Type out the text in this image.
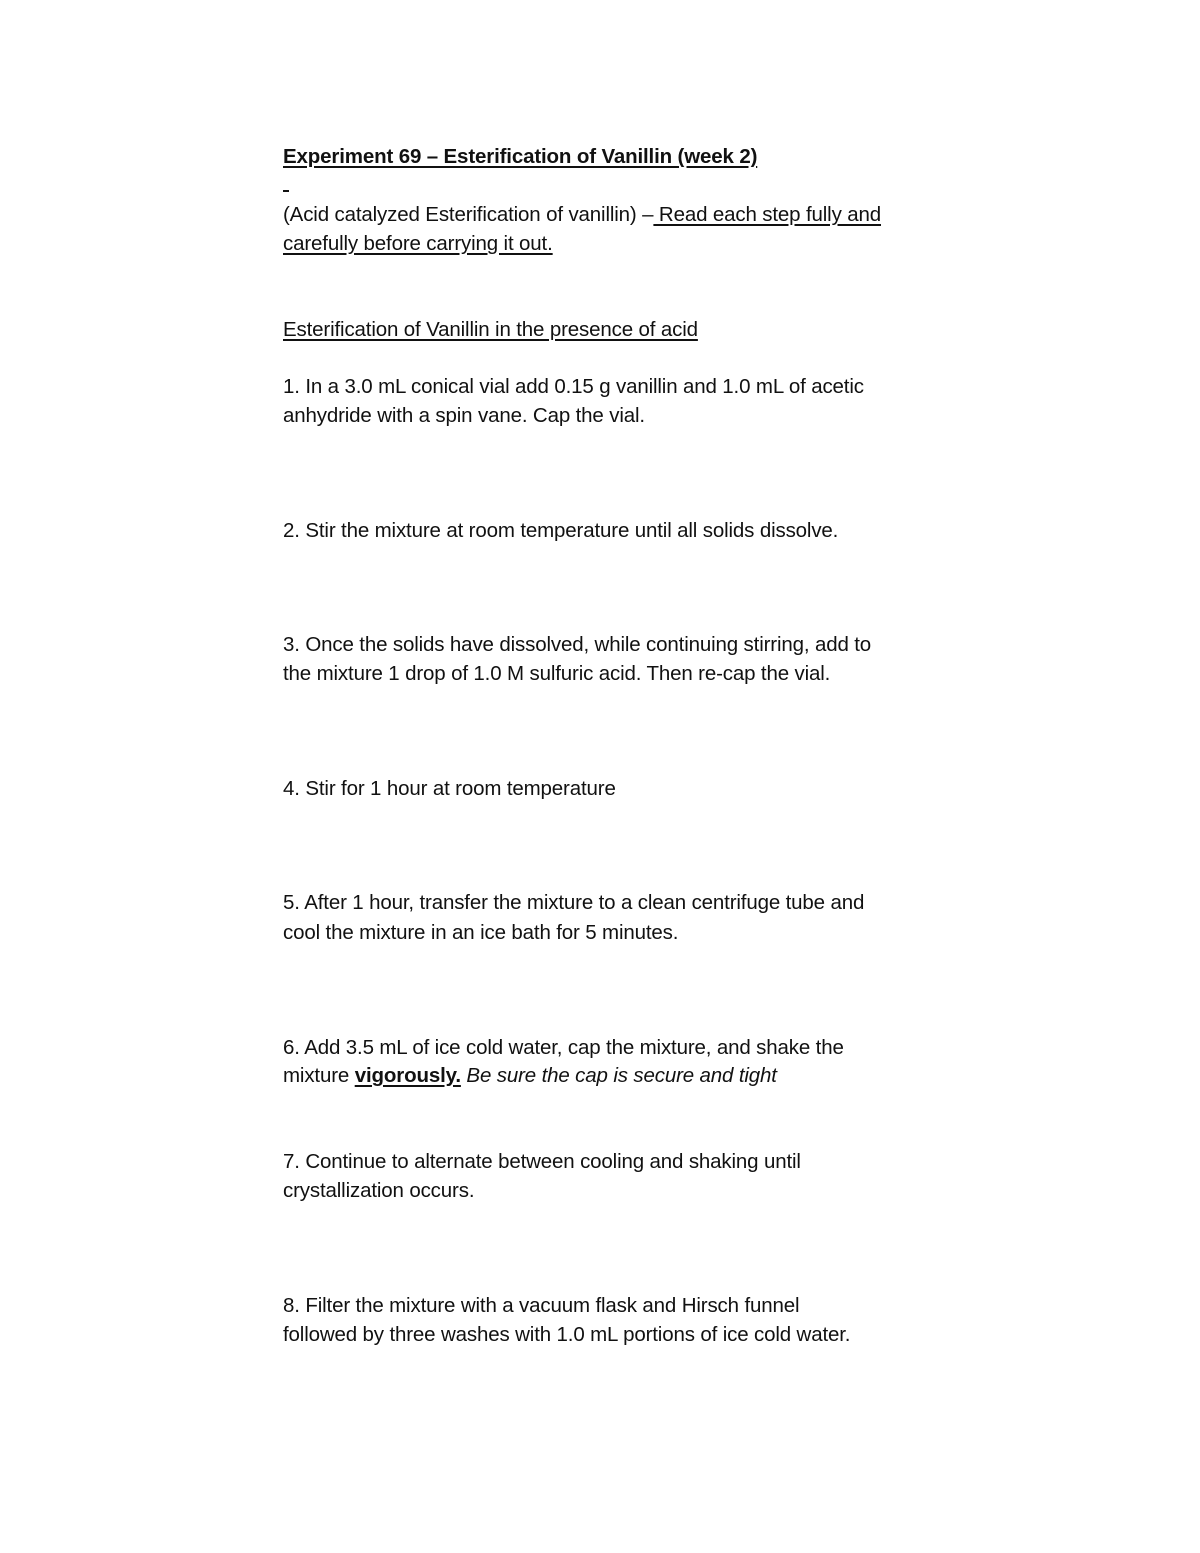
Experiment 69 – Esterification of Vanillin (week 2)
(Acid catalyzed Esterification of vanillin) – Read each step fully and
carefully before carrying it out.
Esterification of Vanillin in the presence of acid
1. In a 3.0 mL conical vial add 0.15 g vanillin and 1.0 mL of acetic
anhydride with a spin vane. Cap the vial.
2. Stir the mixture at room temperature until all solids dissolve.
3. Once the solids have dissolved, while continuing stirring, add to
the mixture 1 drop of 1.0 M sulfuric acid. Then re-cap the vial.
4. Stir for 1 hour at room temperature
5. After 1 hour, transfer the mixture to a clean centrifuge tube and
cool the mixture in an ice bath for 5 minutes.
6. Add 3.5 mL of ice cold water, cap the mixture, and shake the
mixture vigorously. Be sure the cap is secure and tight
7. Continue to alternate between cooling and shaking until
crystallization occurs.
8. Filter the mixture with a vacuum flask and Hirsch funnel
followed by three washes with 1.0 mL portions of ice cold water.
